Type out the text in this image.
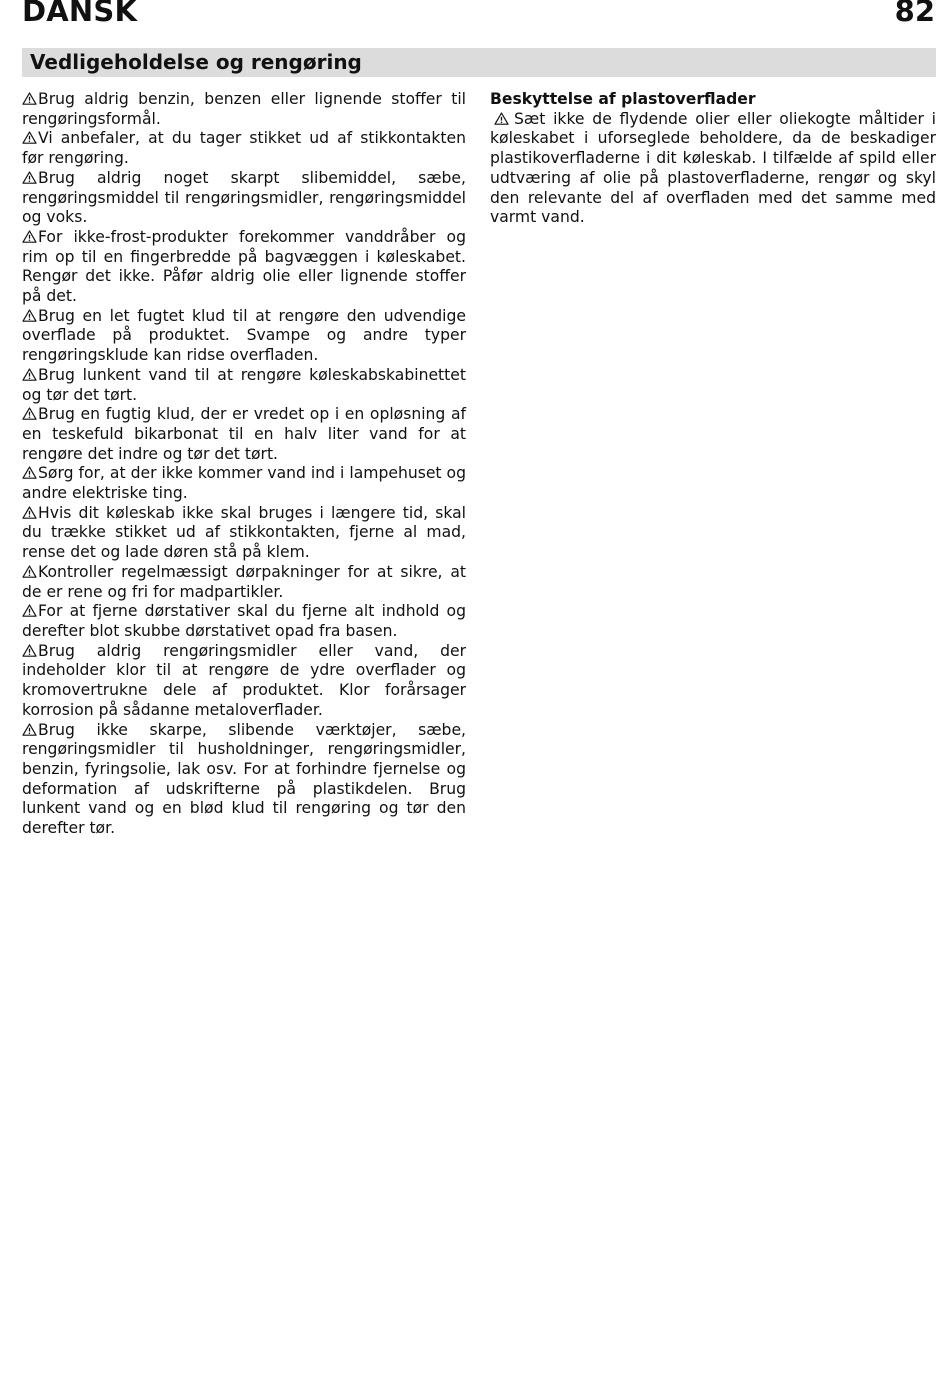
DANSK	82
Vedligeholdelse og rengøring

Brug aldrig benzin, benzen eller lignende stoffer til rengøringsformål.

Vi anbefaler, at du tager stikket ud af stikkontakten før rengøring.

Brug aldrig noget skarpt slibemiddel, sæbe, rengøringsmiddel til rengøringsmidler, rengøringsmiddel og voks.

For ikke-frost-produkter forekommer vanddråber og rim op til en fingerbredde på bagvæggen i køleskabet. Rengør det ikke. Påfør aldrig olie eller lignende stoffer på det.

Brug en let fugtet klud til at rengøre den udvendige overflade på produktet. Svampe og andre typer rengøringsklude kan ridse overfladen.

Brug lunkent vand til at rengøre køleskabskabinettet og tør det tørt.

Brug en fugtig klud, der er vredet op i en opløsning af en teskefuld bikarbonat til en halv liter vand for at rengøre det indre og tør det tørt.

Sørg for, at der ikke kommer vand ind i lampehuset og andre elektriske ting.

Hvis dit køleskab ikke skal bruges i længere tid, skal du trække stikket ud af stikkontakten, fjerne al mad, rense det og lade døren stå på klem.

Kontroller regelmæssigt dørpakninger for at sikre, at de er rene og fri for madpartikler.

For at fjerne dørstativer skal du fjerne alt indhold og derefter blot skubbe dørstativet opad fra basen.

Brug aldrig rengøringsmidler eller vand, der indeholder klor til at rengøre de ydre overflader og kromovertrukne dele af produktet. Klor forårsager korrosion på sådanne metaloverflader.

Brug ikke skarpe, slibende værktøjer, sæbe, rengøringsmidler til husholdninger, rengøringsmidler, benzin, fyringsolie, lak osv. For at forhindre fjernelse og deformation af udskrifterne på plastikdelen. Brug lunkent vand og en blød klud til rengøring og tør den derefter tør.

Beskyttelse af plastoverflader

Sæt ikke de flydende olier eller oliekogte måltider i køleskabet i uforseglede beholdere, da de beskadiger plastikoverfladerne i dit køleskab. I tilfælde af spild eller udtværing af olie på plastoverfladerne, rengør og skyl den relevante del af overfladen med det samme med varmt vand.
